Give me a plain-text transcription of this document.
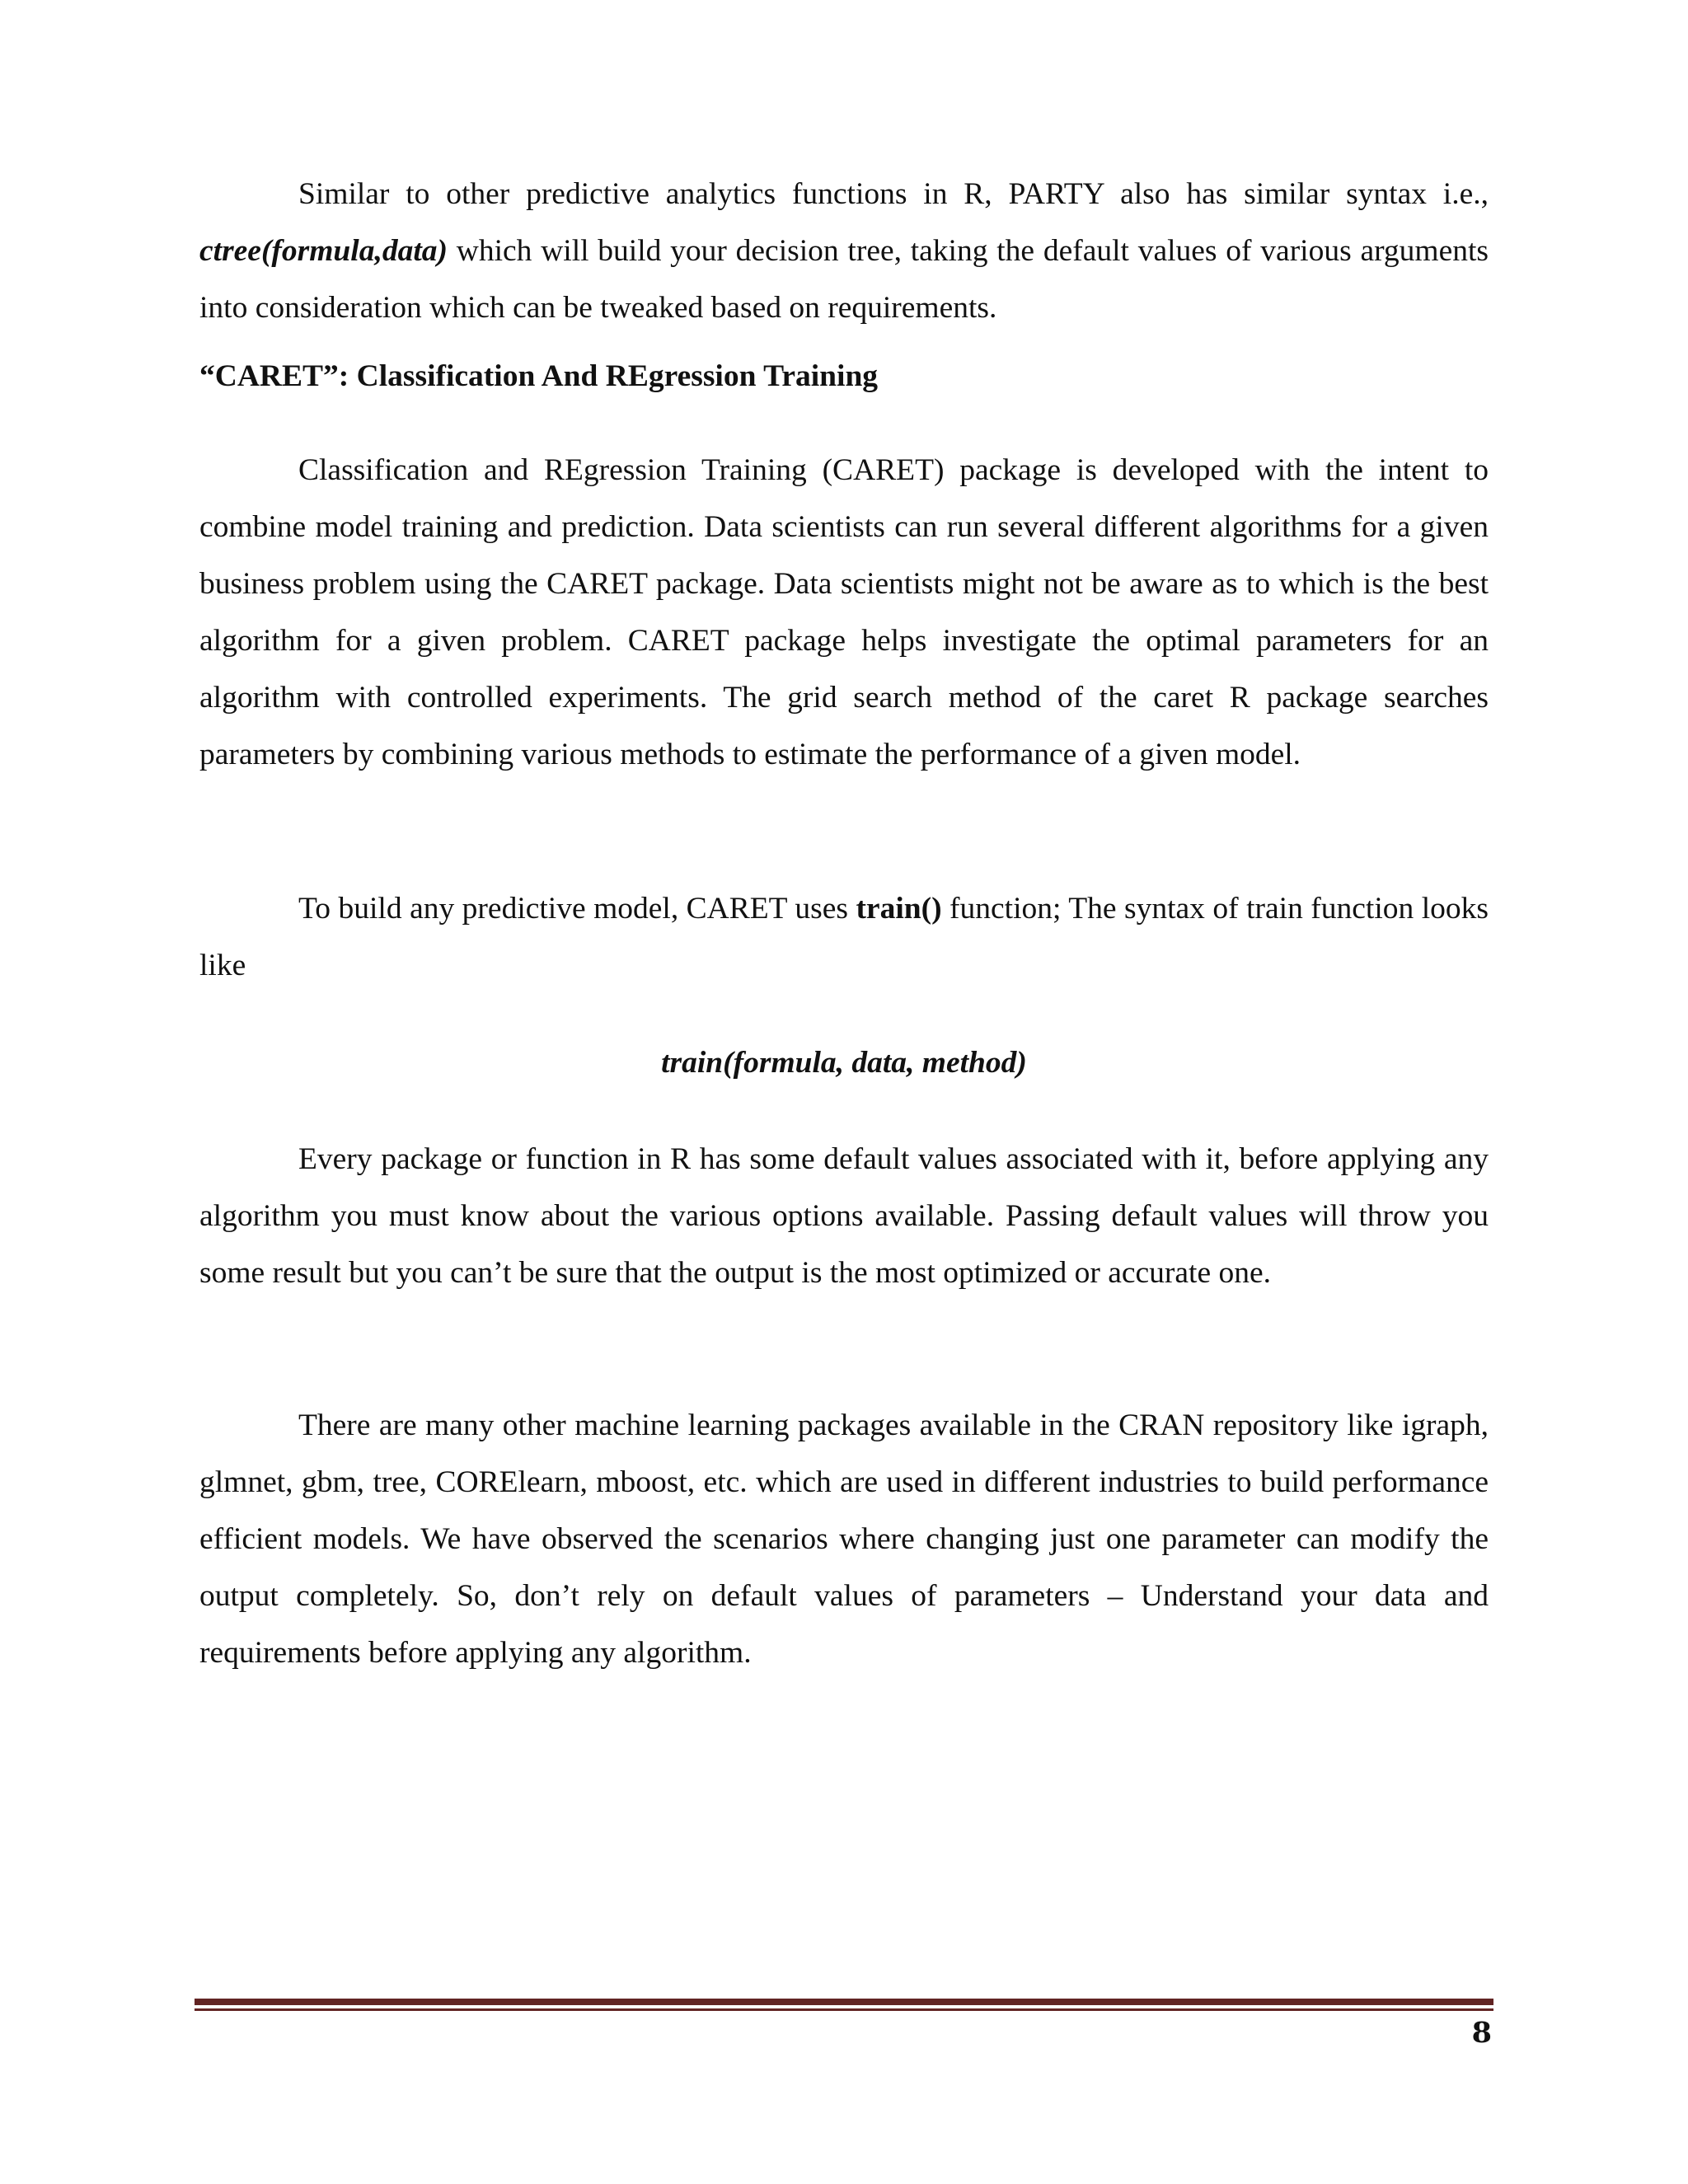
Similar to other predictive analytics functions in R, PARTY also has similar syntax i.e., ctree(formula,data) which will build your decision tree, taking the default values of various arguments into consideration which can be tweaked based on requirements.

“CARET”: Classification And REgression Training

Classification and REgression Training (CARET) package is developed with the intent to combine model training and prediction. Data scientists can run several different algorithms for a given business problem using the CARET package. Data scientists might not be aware as to which is the best algorithm for a given problem. CARET package helps investigate the optimal parameters for an algorithm with controlled experiments. The grid search method of the caret R package searches parameters by combining various methods to estimate the performance of a given model.

To build any predictive model, CARET uses train() function; The syntax of train function looks like

train(formula, data, method)

Every package or function in R has some default values associated with it, before applying any algorithm you must know about the various options available. Passing default values will throw you some result but you can’t be sure that the output is the most optimized or accurate one.

There are many other machine learning packages available in the CRAN repository like igraph, glmnet, gbm, tree, CORElearn, mboost, etc. which are used in different industries to build performance efficient models. We have observed the scenarios where changing just one parameter can modify the output completely. So, don’t rely on default values of parameters – Understand your data and requirements before applying any algorithm.

8
